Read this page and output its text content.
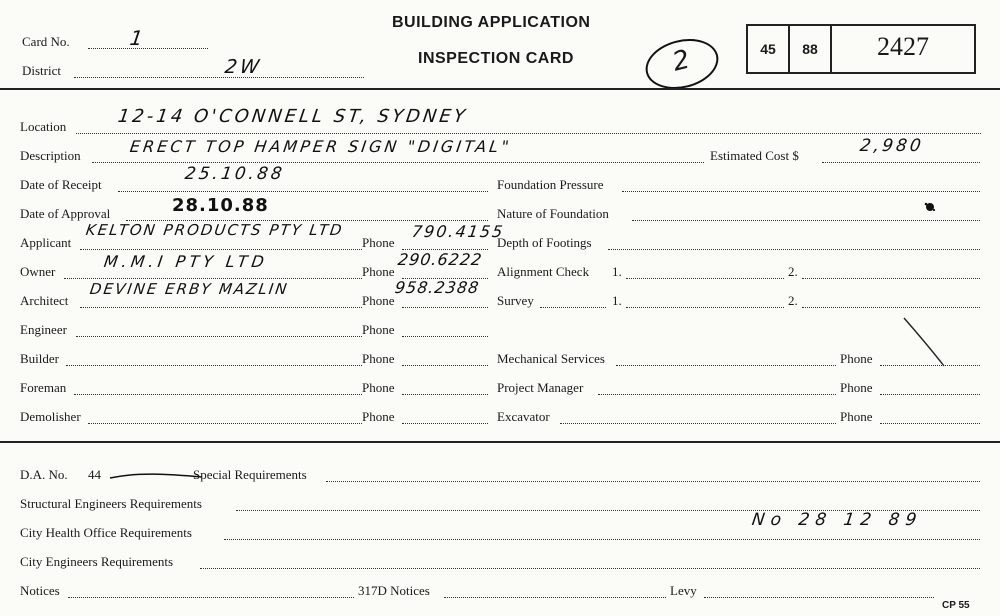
Card No.	1
District	2W
BUILDING APPLICATION
INSPECTION CARD	2	45	88	2427
Location	12-14 O'CONNELL ST, SYDNEY
Description	ERECT TOP HAMPER SIGN "DIGITAL"	Estimated Cost $	2,980
Date of Receipt
25.10.88
Date of Approval	28.10.88
Applicant	Phone
KELTON PRODUCTS PTY LTD	790.4155
Owner	Phone
M.M.I PTY LTD	290.6222
Architect	Phone
DEVINE ERBY MAZLIN	958.2388
Engineer	Phone
Builder	Phone
Foreman	Phone
Demolisher	Phone
Foundation Pressure
Nature of Foundation
Depth of Footings
Alignment Check 1.	2.
Survey	1.	2.
Mechanical Services	Phone
Project Manager	Phone
Excavator	Phone
D.A. No. 44	Special Requirements
Structural Engineers Requirements
City Health Office Requirements
No 28 12 89
City Engineers Requirements
Notices	317D Notices	Levy
CP 55
